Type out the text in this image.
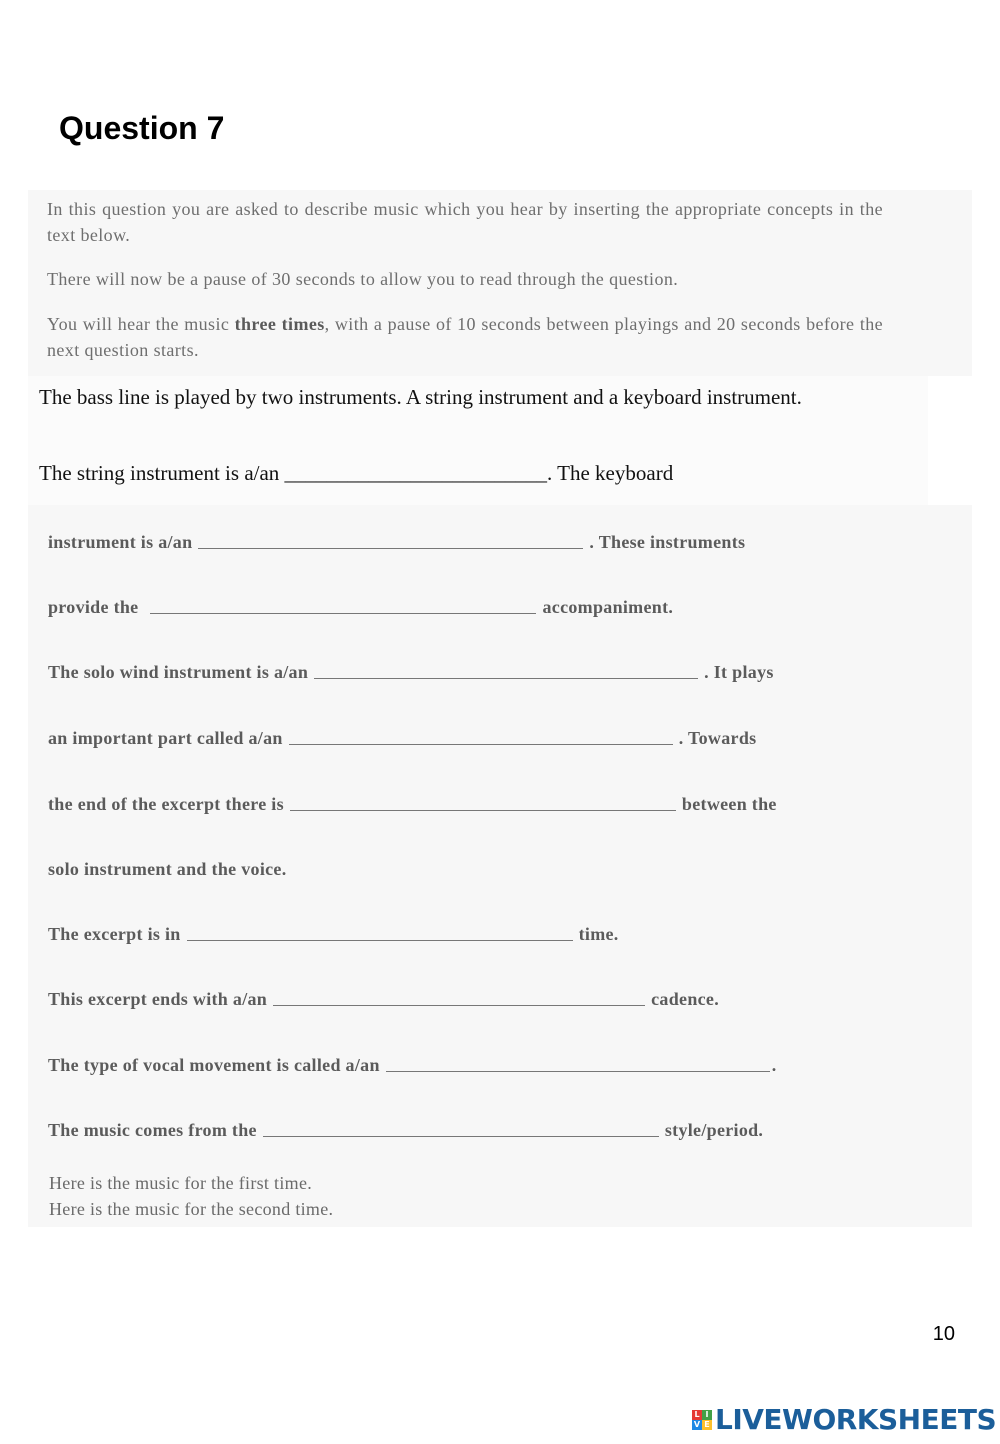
Question 7

In this question you are asked to describe music which you hear by inserting the appropriate concepts in the text below.

There will now be a pause of 30 seconds to allow you to read through the question.

You will hear the music three times, with a pause of 10 seconds between playings and 20 seconds before the next question starts.

The bass line is played by two instruments. A string instrument and a keyboard instrument.

The string instrument is a/an _________________________. The keyboard

instrument is a/an	. These instruments
provide the	accompaniment.
The solo wind instrument is a/an	. It plays
an important part called a/an	. Towards
the end of the excerpt there is	between the
solo instrument and the voice.
The excerpt is in	time.
This excerpt ends with a/an	cadence.
The type of vocal movement is called a/an	.
The music comes from the	style/period.

Here is the music for the first time.

Here is the music for the second time.

10
L I
V E LIVEWORKSHEETS
